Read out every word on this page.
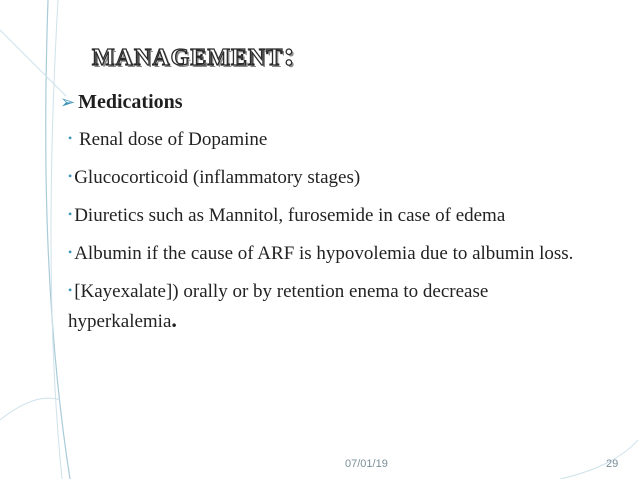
management:
➢ Medications
• Renal dose of Dopamine
• Glucocorticoid (inflammatory stages)
• Diuretics such as Mannitol, furosemide in case of edema
• Albumin if the cause of ARF is hypovolemia due to albumin loss.
• [Kayexalate]) orally or by retention enema to decrease hyperkalemia.
07/01/19	29
